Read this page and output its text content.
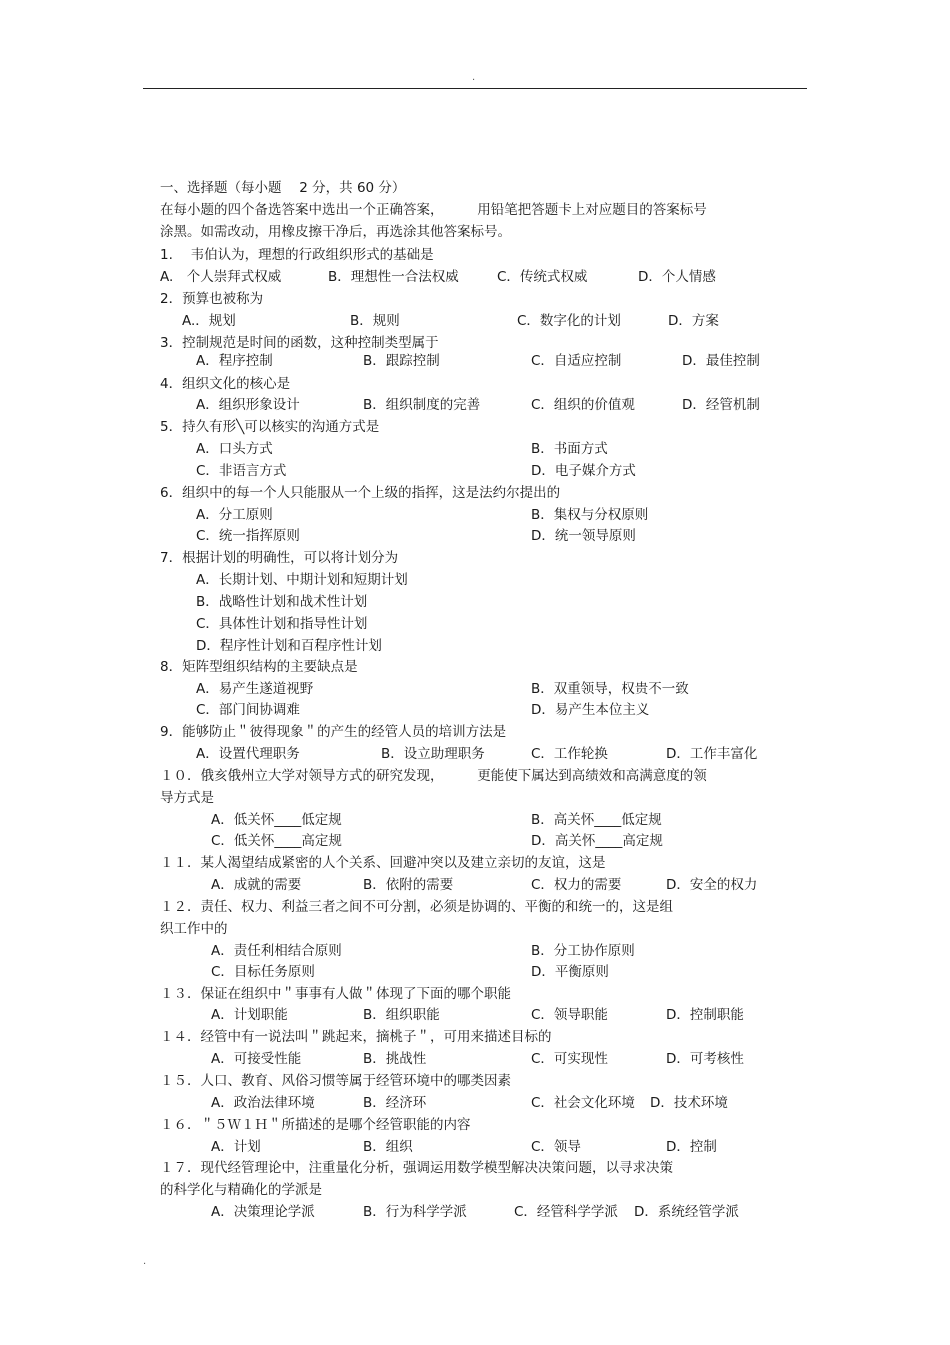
.
.
一、选择题（每小题　 2 分，共 60 分）
在每小题的四个备选答案中选出一个正确答案，　　　用铅笔把答题卡上对应题目的答案标号
涂黑。如需改动，用橡皮擦干净后，再选涂其他答案标号。
1.　 韦伯认为，理想的行政组织形式的基础是
A.　个人崇拜式权威	B．理想性一合法权威	C．传统式权威	D．个人情感
2．预算也被称为
A.．规划	B．规则	C．数字化的计划	D．方案
3．控制规范是时间的函数，这种控制类型属于
A．程序控制	B．跟踪控制	C．自适应控制	D．最佳控制
4．组织文化的核心是
A．组织形象设计	B．组织制度的完善	C．组织的价值观	D．经管机制
5．持久有形╲可以核实的沟通方式是
A．口头方式	B．书面方式
C．非语言方式	D．电子媒介方式
6．组织中的每一个人只能服从一个上级的指挥，这是法约尔提出的
A．分工原则	B．集权与分权原则
C．统一指挥原则	D．统一领导原则
7．根据计划的明确性，可以将计划分为
A．长期计划、中期计划和短期计划
B．战略性计划和战术性计划
C．具体性计划和指导性计划
D．程序性计划和百程序性计划
8．矩阵型组织结构的主要缺点是
A．易产生遂道视野	B．双重领导，权贵不一致
C．部门间协调难	D．易产生本位主义
9．能够防止＂彼得现象＂的产生的经管人员的培训方法是
A．设置代理职务	B．设立助理职务	C．工作轮换	D．工作丰富化
１０．俄亥俄州立大学对领导方式的研究发现，　　　更能使下属达到高绩效和高满意度的领
导方式是
A．低关怀____低定规	B．高关怀____低定规
C．低关怀____高定规	D．高关怀____高定规
１１．某人渴望结成紧密的人个关系、回避冲突以及建立亲切的友谊，这是
A．成就的需要	B．依附的需要	C．权力的需要	D．安全的权力
１２．责任、权力、利益三者之间不可分割，必须是协调的、平衡的和统一的，这是组
织工作中的
A．责任利相结合原则	B．分工协作原则
C．目标任务原则	D．平衡原则
１３．保证在组织中＂事事有人做＂体现了下面的哪个职能
A．计划职能	B．组织职能	C．领导职能	D．控制职能
１４．经管中有一说法叫＂跳起来，摘桃子＂，可用来描述目标的
A．可接受性能	B．挑战性	C．可实现性	D．可考核性
１５．人口、教育、风俗习惯等属于经管环境中的哪类因素
A．政治法律环境	B．经济环	C．社会文化环境 D．技术环境
１６．＂５Ｗ１Ｈ＂所描述的是哪个经管职能的内容
A．计划	B．组织	C．领导	D．控制
１７．现代经管理论中，注重量化分析，强调运用数学模型解决决策问题，以寻求决策
的科学化与精确化的学派是
A．决策理论学派	B．行为科学学派	C．经管科学学派 D．系统经管学派
